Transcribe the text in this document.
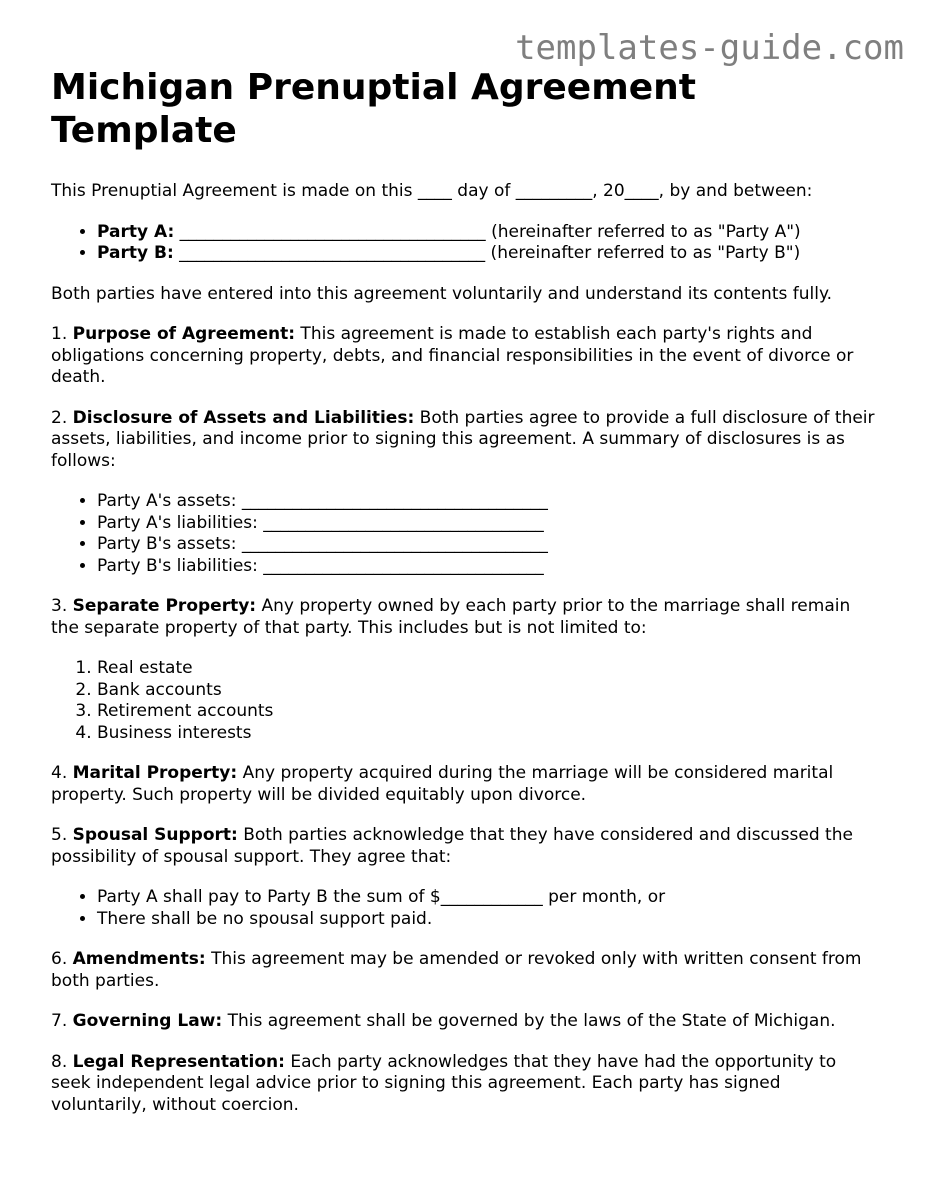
templates-guide.com
Michigan Prenuptial Agreement Template

This Prenuptial Agreement is made on this ____ day of _________, 20____, by and between:

• Party A: ____________________________________ (hereinafter referred to as "Party A")
• Party B: ____________________________________ (hereinafter referred to as "Party B")

Both parties have entered into this agreement voluntarily and understand its contents fully.

1. Purpose of Agreement: This agreement is made to establish each party's rights and obligations concerning property, debts, and financial responsibilities in the event of divorce or death.

2. Disclosure of Assets and Liabilities: Both parties agree to provide a full disclosure of their assets, liabilities, and income prior to signing this agreement. A summary of disclosures is as follows:

• Party A's assets: ____________________________________
• Party A's liabilities: _________________________________
• Party B's assets: ____________________________________
• Party B's liabilities: _________________________________

3. Separate Property: Any property owned by each party prior to the marriage shall remain the separate property of that party. This includes but is not limited to:

1. Real estate
2. Bank accounts
3. Retirement accounts
4. Business interests

4. Marital Property: Any property acquired during the marriage will be considered marital property. Such property will be divided equitably upon divorce.

5. Spousal Support: Both parties acknowledge that they have considered and discussed the possibility of spousal support. They agree that:

• Party A shall pay to Party B the sum of $____________ per month, or
• There shall be no spousal support paid.

6. Amendments: This agreement may be amended or revoked only with written consent from both parties.

7. Governing Law: This agreement shall be governed by the laws of the State of Michigan.

8. Legal Representation: Each party acknowledges that they have had the opportunity to seek independent legal advice prior to signing this agreement. Each party has signed voluntarily, without coercion.
